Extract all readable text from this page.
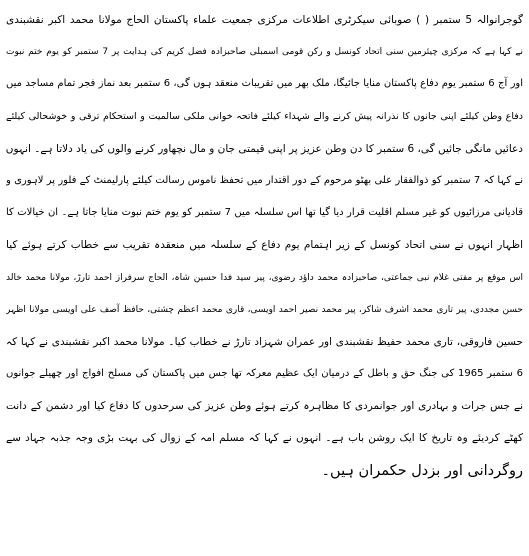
گوجرانوالہ 5 ستمبر ( ) صوبائی سیکرٹری اطلاعات مرکزی جمعیت علماء پاکستان الحاج مولانا محمد اکبر نقشبندی
نے کہا ہے کہ مرکزی چیئرمین سنی اتحاد کونسل و رکن قومی اسمبلی صاحبزادہ فضل کریم کی ہدایت پر 7 ستمبر کو یوم ختم نبوت
اور آج 6 ستمبر یوم دفاع پاکستان منایا جائیگا، ملک بھر میں تقریبات منعقد ہوں گی، 6 ستمبر بعد نماز فجر تمام مساجد میں
دفاع وطن کیلئے اپنی جانوں کا نذرانہ پیش کرنے والے شہداء کیلئے فاتحہ خوانی ملکی سالمیت و استحکام ترقی و خوشحالی کیلئے
دعائیں مانگی جائیں گی، 6 ستمبر کا دن وطن عزیز پر اپنی قیمتی جان و مال نچھاور کرنے والوں کی یاد دلاتا ہے۔ انہوں
نے کہا کہ 7 ستمبر کو ذوالفقار علی بھٹو مرحوم کے دور اقتدار میں تحفظ ناموس رسالت کیلئے پارلیمنٹ کے فلور پر لاہوری و
قادیانی مرزائیوں کو غیر مسلم اقلیت قرار دیا گیا تھا اس سلسلہ میں 7 ستمبر کو یوم ختم نبوت منایا جاتا ہے۔ ان خیالات کا
اظہار انہوں نے سنی اتحاد کونسل کے زیر اہتمام یوم دفاع کے سلسلہ میں منعقدہ تقریب سے خطاب کرتے ہوئے کیا
اس موقع پر مفتی غلام نبی جماعتی، صاحبزادہ محمد داؤد رضوی، پیر سید فدا حسین شاہ، الحاج سرفراز احمد تارڑ، مولانا محمد خالد
حسن مجددی، پیر تاری محمد اشرف شاکر، پیر محمد نصیر احمد اویسی، قاری محمد اعظم چشتی، حافظ آصف علی اویسی مولانا اظہر
حسین فاروقی، تاری محمد حفیظ نقشبندی اور عمران شہزاد تارڑ نے خطاب کیا۔ مولانا محمد اکبر نقشبندی نے کہا کہ
6 ستمبر 1965 کی جنگ حق و باطل کے درمیان ایک عظیم معرکہ تھا جس میں پاکستان کی مسلح افواج اور چھیلے جوانوں
نے جس جرات و بہادری اور جوانمردی کا مظاہرہ کرتے ہوئے وطن عزیز کی سرحدوں کا دفاع کیا اور دشمن کے دانت
کھٹے کردیئے وہ تاریخ کا ایک روشن باب ہے۔ انہوں نے کہا کہ مسلم امہ کے زوال کی بہت بڑی وجہ جذبہ جہاد سے
روگردانی اور بزدل حکمران ہیں۔
